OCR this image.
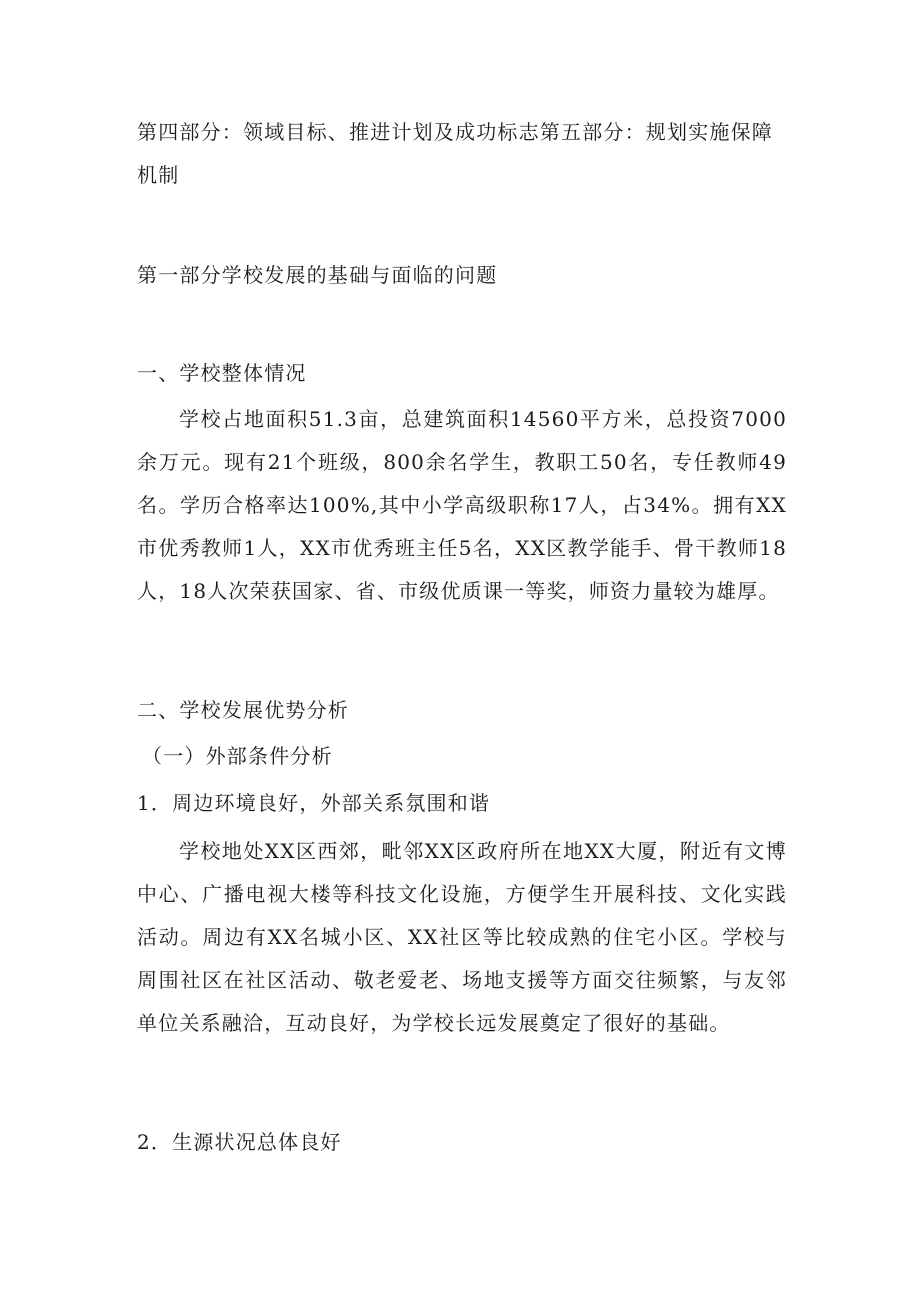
第四部分：领域目标、推进计划及成功标志第五部分：规划实施保障机制

第一部分学校发展的基础与面临的问题

一、学校整体情况

学校占地面积51.3亩，总建筑面积14560平方米，总投资7000余万元。现有21个班级，800余名学生，教职工50名，专任教师49名。学历合格率达100%,其中小学高级职称17人，占34%。拥有XX市优秀教师1人，XX市优秀班主任5名，XX区教学能手、骨干教师18人，18人次荣获国家、省、市级优质课一等奖，师资力量较为雄厚。

二、学校发展优势分析

（一）外部条件分析

1．周边环境良好，外部关系氛围和谐

学校地处XX区西郊，毗邻XX区政府所在地XX大厦，附近有文博中心、广播电视大楼等科技文化设施，方便学生开展科技、文化实践活动。周边有XX名城小区、XX社区等比较成熟的住宅小区。学校与周围社区在社区活动、敬老爱老、场地支援等方面交往频繁，与友邻单位关系融洽，互动良好，为学校长远发展奠定了很好的基础。

2．生源状况总体良好
